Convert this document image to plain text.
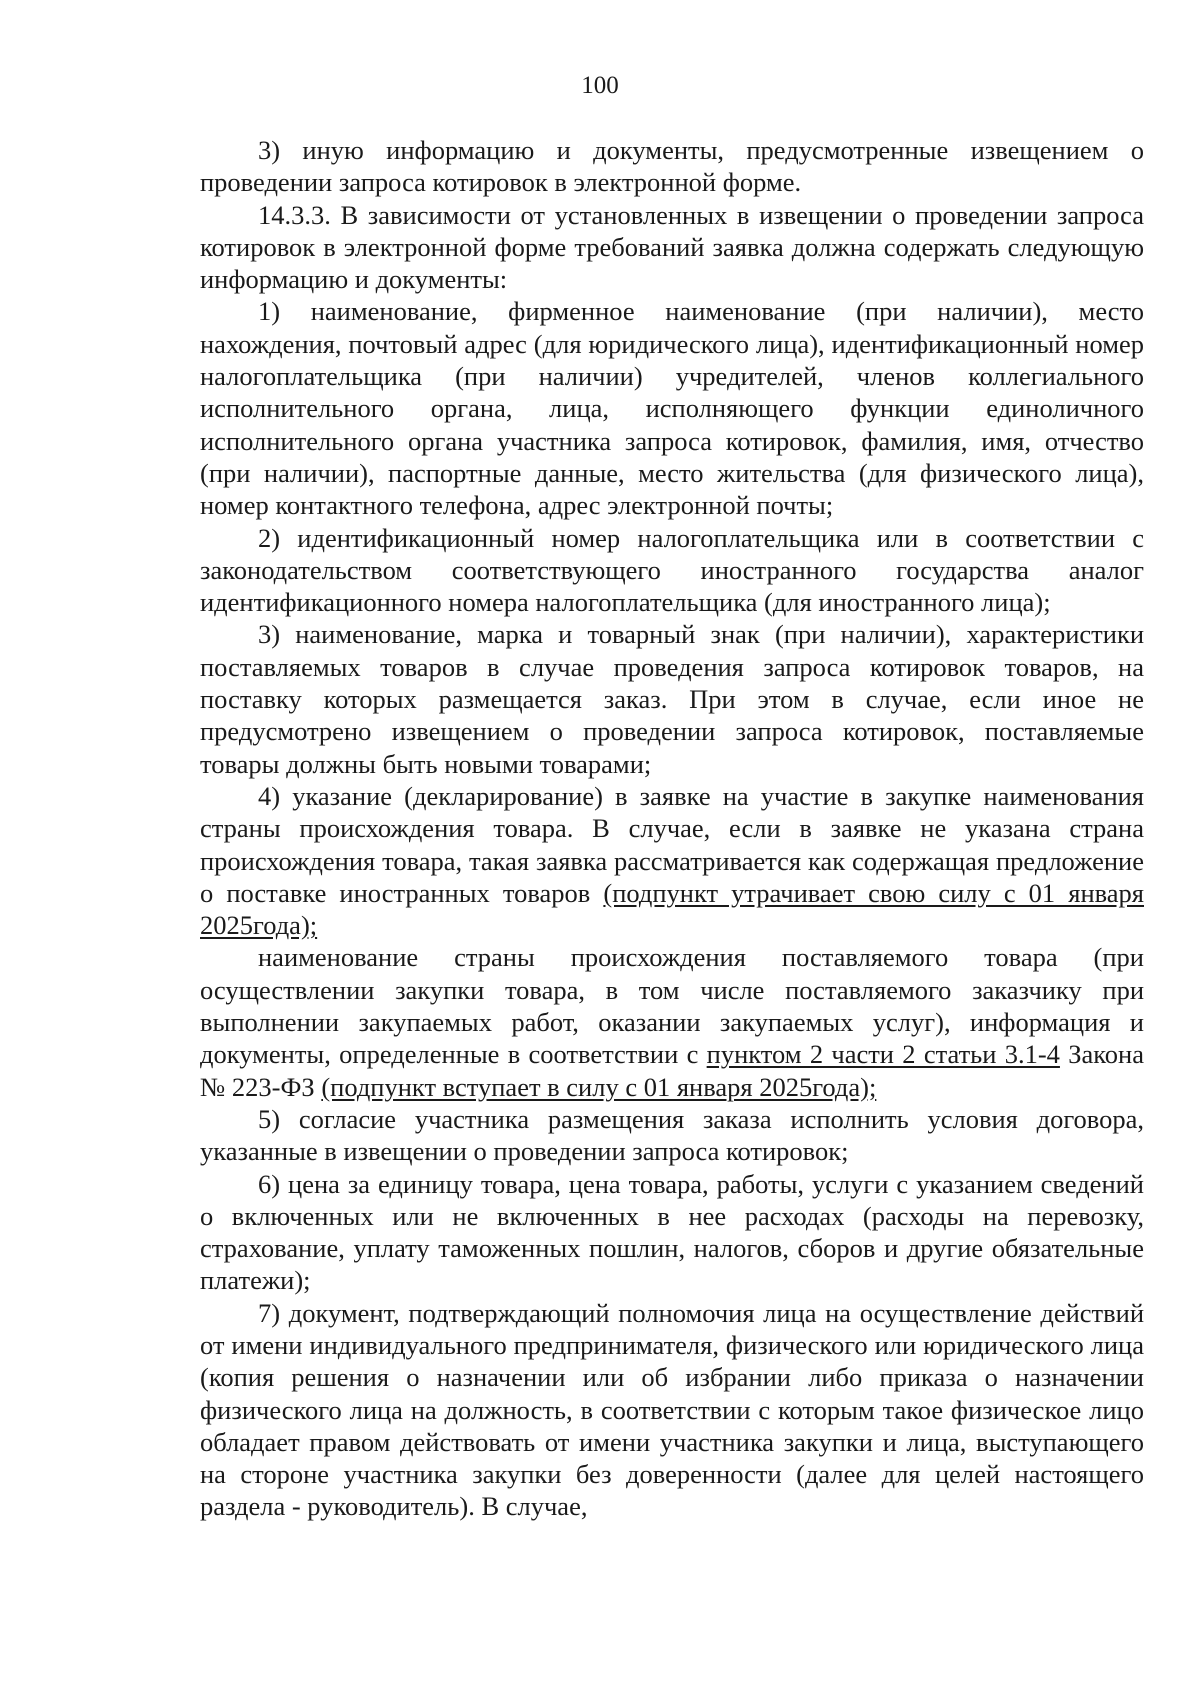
100

3) иную информацию и документы, предусмотренные извещением о проведении запроса котировок в электронной форме.

14.3.3. В зависимости от установленных в извещении о проведении запроса котировок в электронной форме требований заявка должна содержать следующую информацию и документы:

1) наименование, фирменное наименование (при наличии), место нахождения, почтовый адрес (для юридического лица), идентификационный номер налогоплательщика (при наличии) учредителей, членов коллегиального исполнительного органа, лица, исполняющего функции единоличного исполнительного органа участника запроса котировок, фамилия, имя, отчество (при наличии), паспортные данные, место жительства (для физического лица), номер контактного телефона, адрес электронной почты;

2) идентификационный номер налогоплательщика или в соответствии с законодательством соответствующего иностранного государства аналог идентификационного номера налогоплательщика (для иностранного лица);

3) наименование, марка и товарный знак (при наличии), характеристики поставляемых товаров в случае проведения запроса котировок товаров, на поставку которых размещается заказ. При этом в случае, если иное не предусмотрено извещением о проведении запроса котировок, поставляемые товары должны быть новыми товарами;

4) указание (декларирование) в заявке на участие в закупке наименования страны происхождения товара. В случае, если в заявке не указана страна происхождения товара, такая заявка рассматривается как содержащая предложение о поставке иностранных товаров (подпункт утрачивает свою силу с 01 января 2025года);

наименование страны происхождения поставляемого товара (при осуществлении закупки товара, в том числе поставляемого заказчику при выполнении закупаемых работ, оказании закупаемых услуг), информация и документы, определенные в соответствии с пунктом 2 части 2 статьи 3.1-4 Закона № 223-ФЗ (подпункт вступает в силу с 01 января 2025года);

5) согласие участника размещения заказа исполнить условия договора, указанные в извещении о проведении запроса котировок;

6) цена за единицу товара, цена товара, работы, услуги с указанием сведений о включенных или не включенных в нее расходах (расходы на перевозку, страхование, уплату таможенных пошлин, налогов, сборов и другие обязательные платежи);

7) документ, подтверждающий полномочия лица на осуществление действий от имени индивидуального предпринимателя, физического или юридического лица (копия решения о назначении или об избрании либо приказа о назначении физического лица на должность, в соответствии с которым такое физическое лицо обладает правом действовать от имени участника закупки и лица, выступающего на стороне участника закупки без доверенности (далее для целей настоящего раздела - руководитель). В случае,
